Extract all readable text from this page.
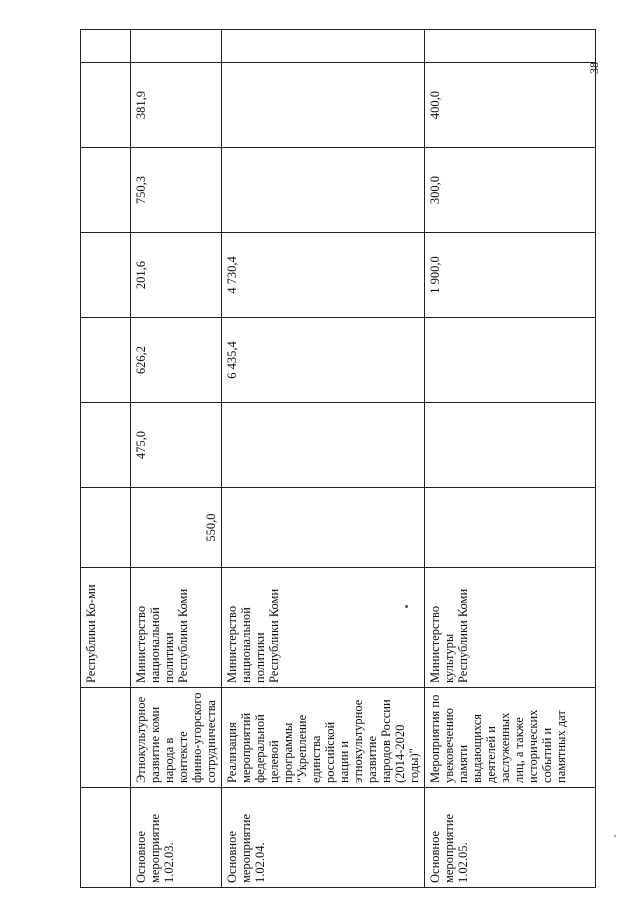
		Республики Ко-ми							
Основное мероприятие 1.02.03.	Этнокультурное развитие коми народа в контексте финно-угорского сотрудничества	Министерство национальной политики Республики Коми	550,0	475,0	626,2	201,6	750,3	381,9	
Основное мероприятие 1.02.04.	Реализация мероприятий федеральной целевой программы "Укрепление единства российской нации и этнокультурное развитие народов России (2014-2020 годы)"	Министерство национальной политики Республики Коми			6 435,4	4 730,4			
Основное мероприятие 1.02.05.	Мероприятия по увековечению памяти выдающихся деятелей и заслуженных лиц, а также исторических событий и памятных дат	Министерство культуры Республики Коми				1 900,0	300,0	400,0	
38
